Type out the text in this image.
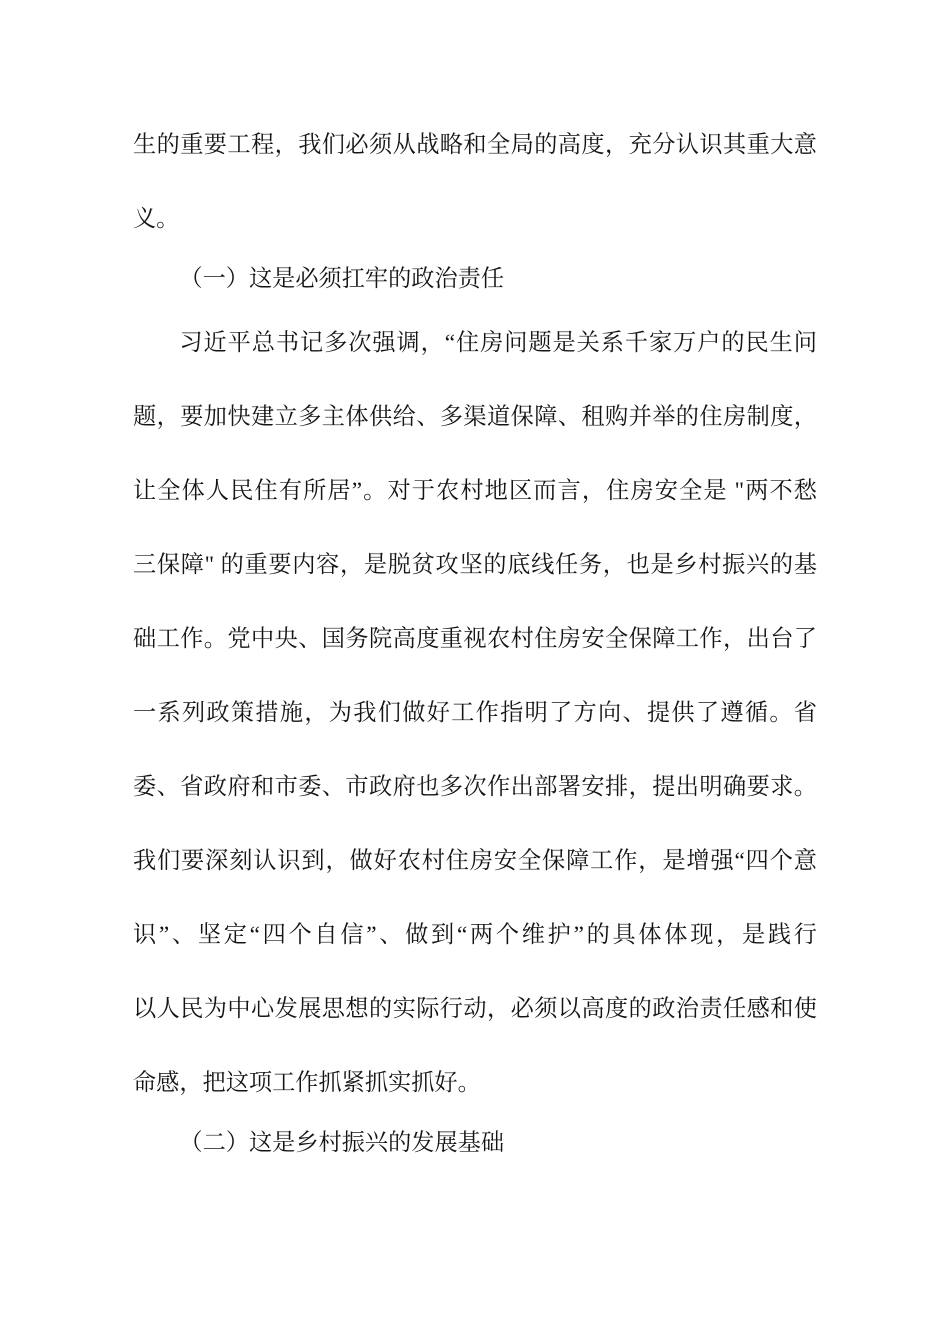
生的重要工程，我们必须从战略和全局的高度，充分认识其重大意
义。
（一）这是必须扛牢的政治责任
习近平总书记多次强调，“住房问题是关系千家万户的民生问
题，要加快建立多主体供给、多渠道保障、租购并举的住房制度，
让全体人民住有所居”。对于农村地区而言，住房安全是 "两不愁
三保障" 的重要内容，是脱贫攻坚的底线任务，也是乡村振兴的基
础工作。党中央、国务院高度重视农村住房安全保障工作，出台了
一系列政策措施，为我们做好工作指明了方向、提供了遵循。省
委、省政府和市委、市政府也多次作出部署安排，提出明确要求。
我们要深刻认识到，做好农村住房安全保障工作，是增强“四个意
识”、坚定“四个自信”、做到“两个维护”的具体体现，是践行
以人民为中心发展思想的实际行动，必须以高度的政治责任感和使
命感，把这项工作抓紧抓实抓好。
（二）这是乡村振兴的发展基础
